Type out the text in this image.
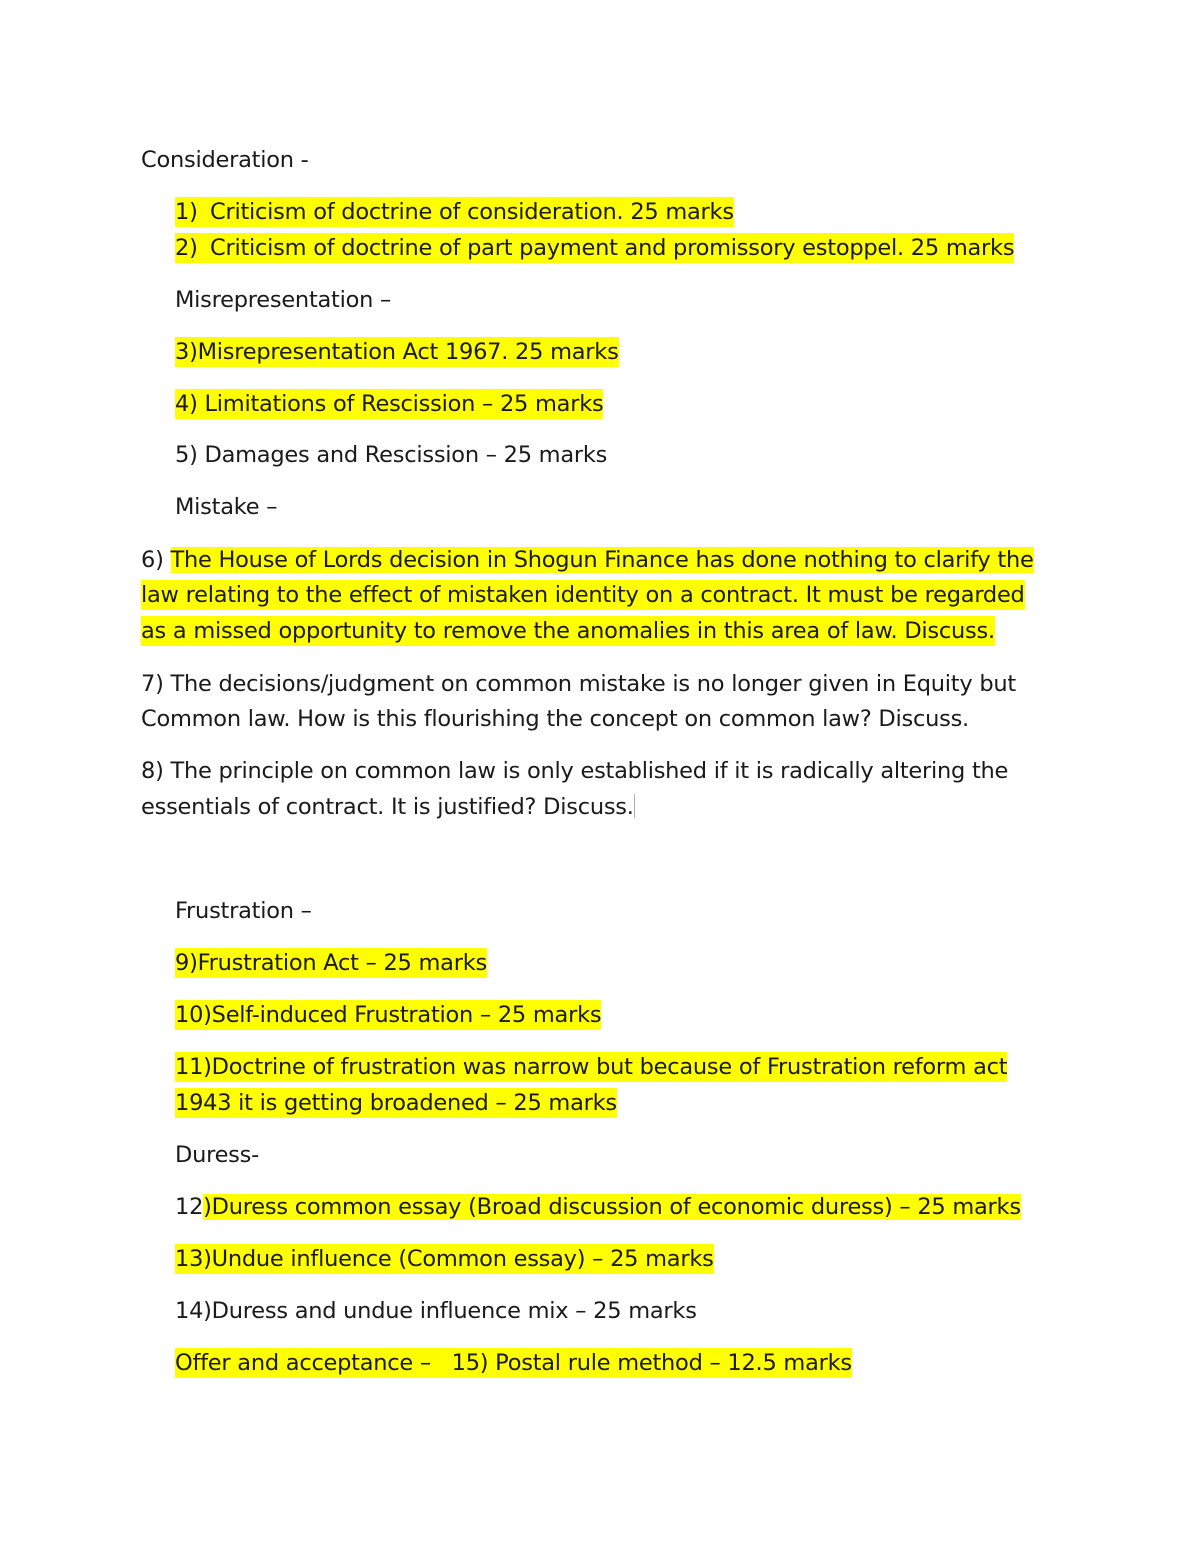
Consideration -
1) Criticism of doctrine of consideration. 25 marks
2) Criticism of doctrine of part payment and promissory estoppel. 25 marks
Misrepresentation –
3)Misrepresentation Act 1967. 25 marks
4) Limitations of Rescission – 25 marks
5) Damages and Rescission – 25 marks
Mistake –
6) The House of Lords decision in Shogun Finance has done nothing to clarify the
law relating to the effect of mistaken identity on a contract. It must be regarded
as a missed opportunity to remove the anomalies in this area of law. Discuss.
7) The decisions/judgment on common mistake is no longer given in Equity but
Common law. How is this flourishing the concept on common law? Discuss.
8) The principle on common law is only established if it is radically altering the
essentials of contract. It is justified? Discuss.
Frustration –
9)Frustration Act – 25 marks
10)Self-induced Frustration – 25 marks
11)Doctrine of frustration was narrow but because of Frustration reform act
1943 it is getting broadened – 25 marks
Duress-
12)Duress common essay (Broad discussion of economic duress) – 25 marks
13)Undue influence (Common essay) – 25 marks
14)Duress and undue influence mix – 25 marks
Offer and acceptance –   15) Postal rule method – 12.5 marks
